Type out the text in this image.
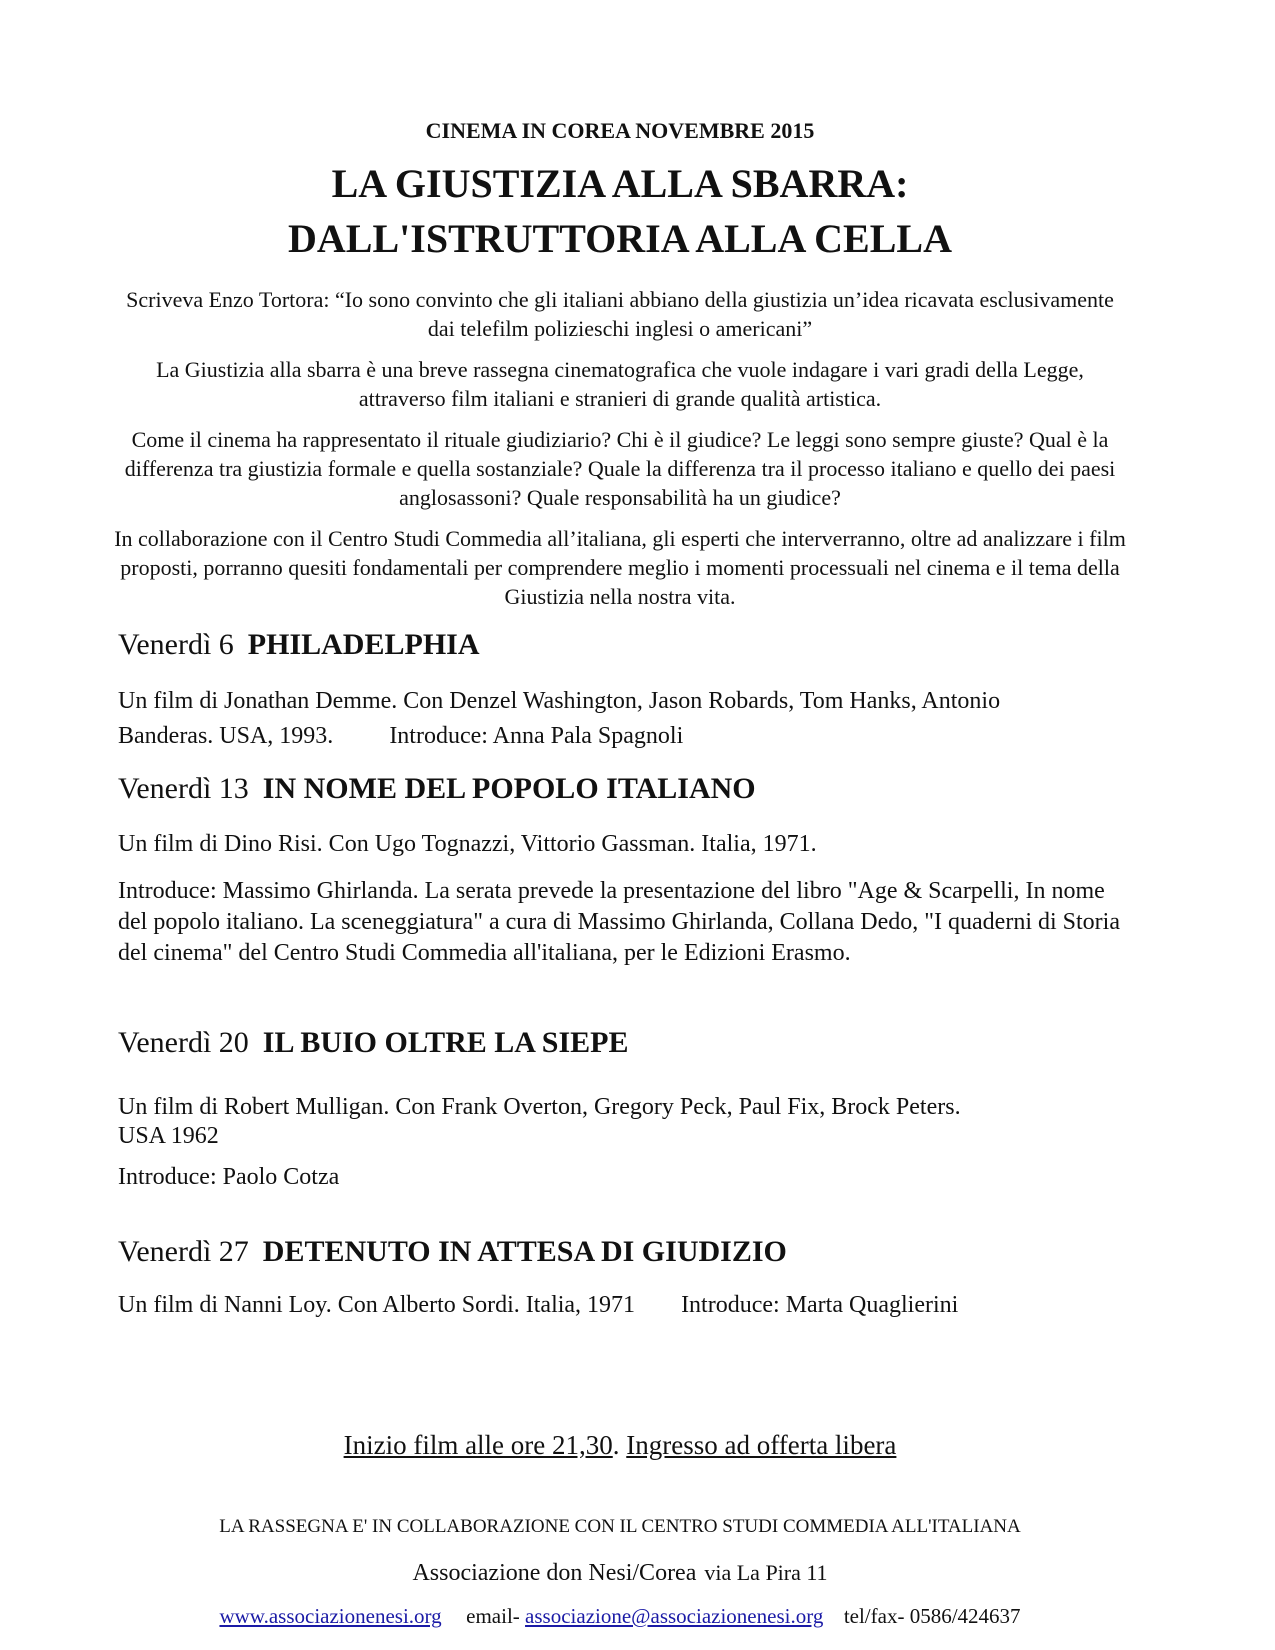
CINEMA IN COREA NOVEMBRE 2015
LA GIUSTIZIA ALLA SBARRA:
DALL'ISTRUTTORIA ALLA CELLA
Scriveva Enzo Tortora: “Io sono convinto che gli italiani abbiano della giustizia un’idea ricavata esclusivamente dai telefilm polizieschi inglesi o americani”
La Giustizia alla sbarra è una breve rassegna cinematografica che vuole indagare i vari gradi della Legge, attraverso film italiani e stranieri di grande qualità artistica.
Come il cinema ha rappresentato il rituale giudiziario? Chi è il giudice? Le leggi sono sempre giuste? Qual è la differenza tra giustizia formale e quella sostanziale? Quale la differenza tra il processo italiano e quello dei paesi anglosassoni? Quale responsabilità ha un giudice?
In collaborazione con il Centro Studi Commedia all’italiana, gli esperti che interverranno, oltre ad analizzare i film proposti, porranno quesiti fondamentali per comprendere meglio i momenti processuali nel cinema e il tema della Giustizia nella nostra vita.
Venerdì 6 PHILADELPHIA
Un film di Jonathan Demme. Con Denzel Washington, Jason Robards, Tom Hanks, Antonio
Banderas. USA, 1993. Introduce: Anna Pala Spagnoli
Venerdì 13 IN NOME DEL POPOLO ITALIANO
Un film di Dino Risi. Con Ugo Tognazzi, Vittorio Gassman. Italia, 1971.
Introduce: Massimo Ghirlanda. La serata prevede la presentazione del libro "Age & Scarpelli, In nome del popolo italiano. La sceneggiatura" a cura di Massimo Ghirlanda, Collana Dedo, "I quaderni di Storia del cinema" del Centro Studi Commedia all'italiana, per le Edizioni Erasmo.
Venerdì 20 IL BUIO OLTRE LA SIEPE
Un film di Robert Mulligan. Con Frank Overton, Gregory Peck, Paul Fix, Brock Peters.
USA 1962
Introduce: Paolo Cotza
Venerdì 27 DETENUTO IN ATTESA DI GIUDIZIO
Un film di Nanni Loy. Con Alberto Sordi. Italia, 1971 Introduce: Marta Quaglierini
Inizio film alle ore 21,30. Ingresso ad offerta libera
LA RASSEGNA E' IN COLLABORAZIONE CON IL CENTRO STUDI COMMEDIA ALL'ITALIANA
Associazione don Nesi/Corea via La Pira 11
www.associazionenesi.org email- associazione@associazionenesi.org tel/fax- 0586/424637
